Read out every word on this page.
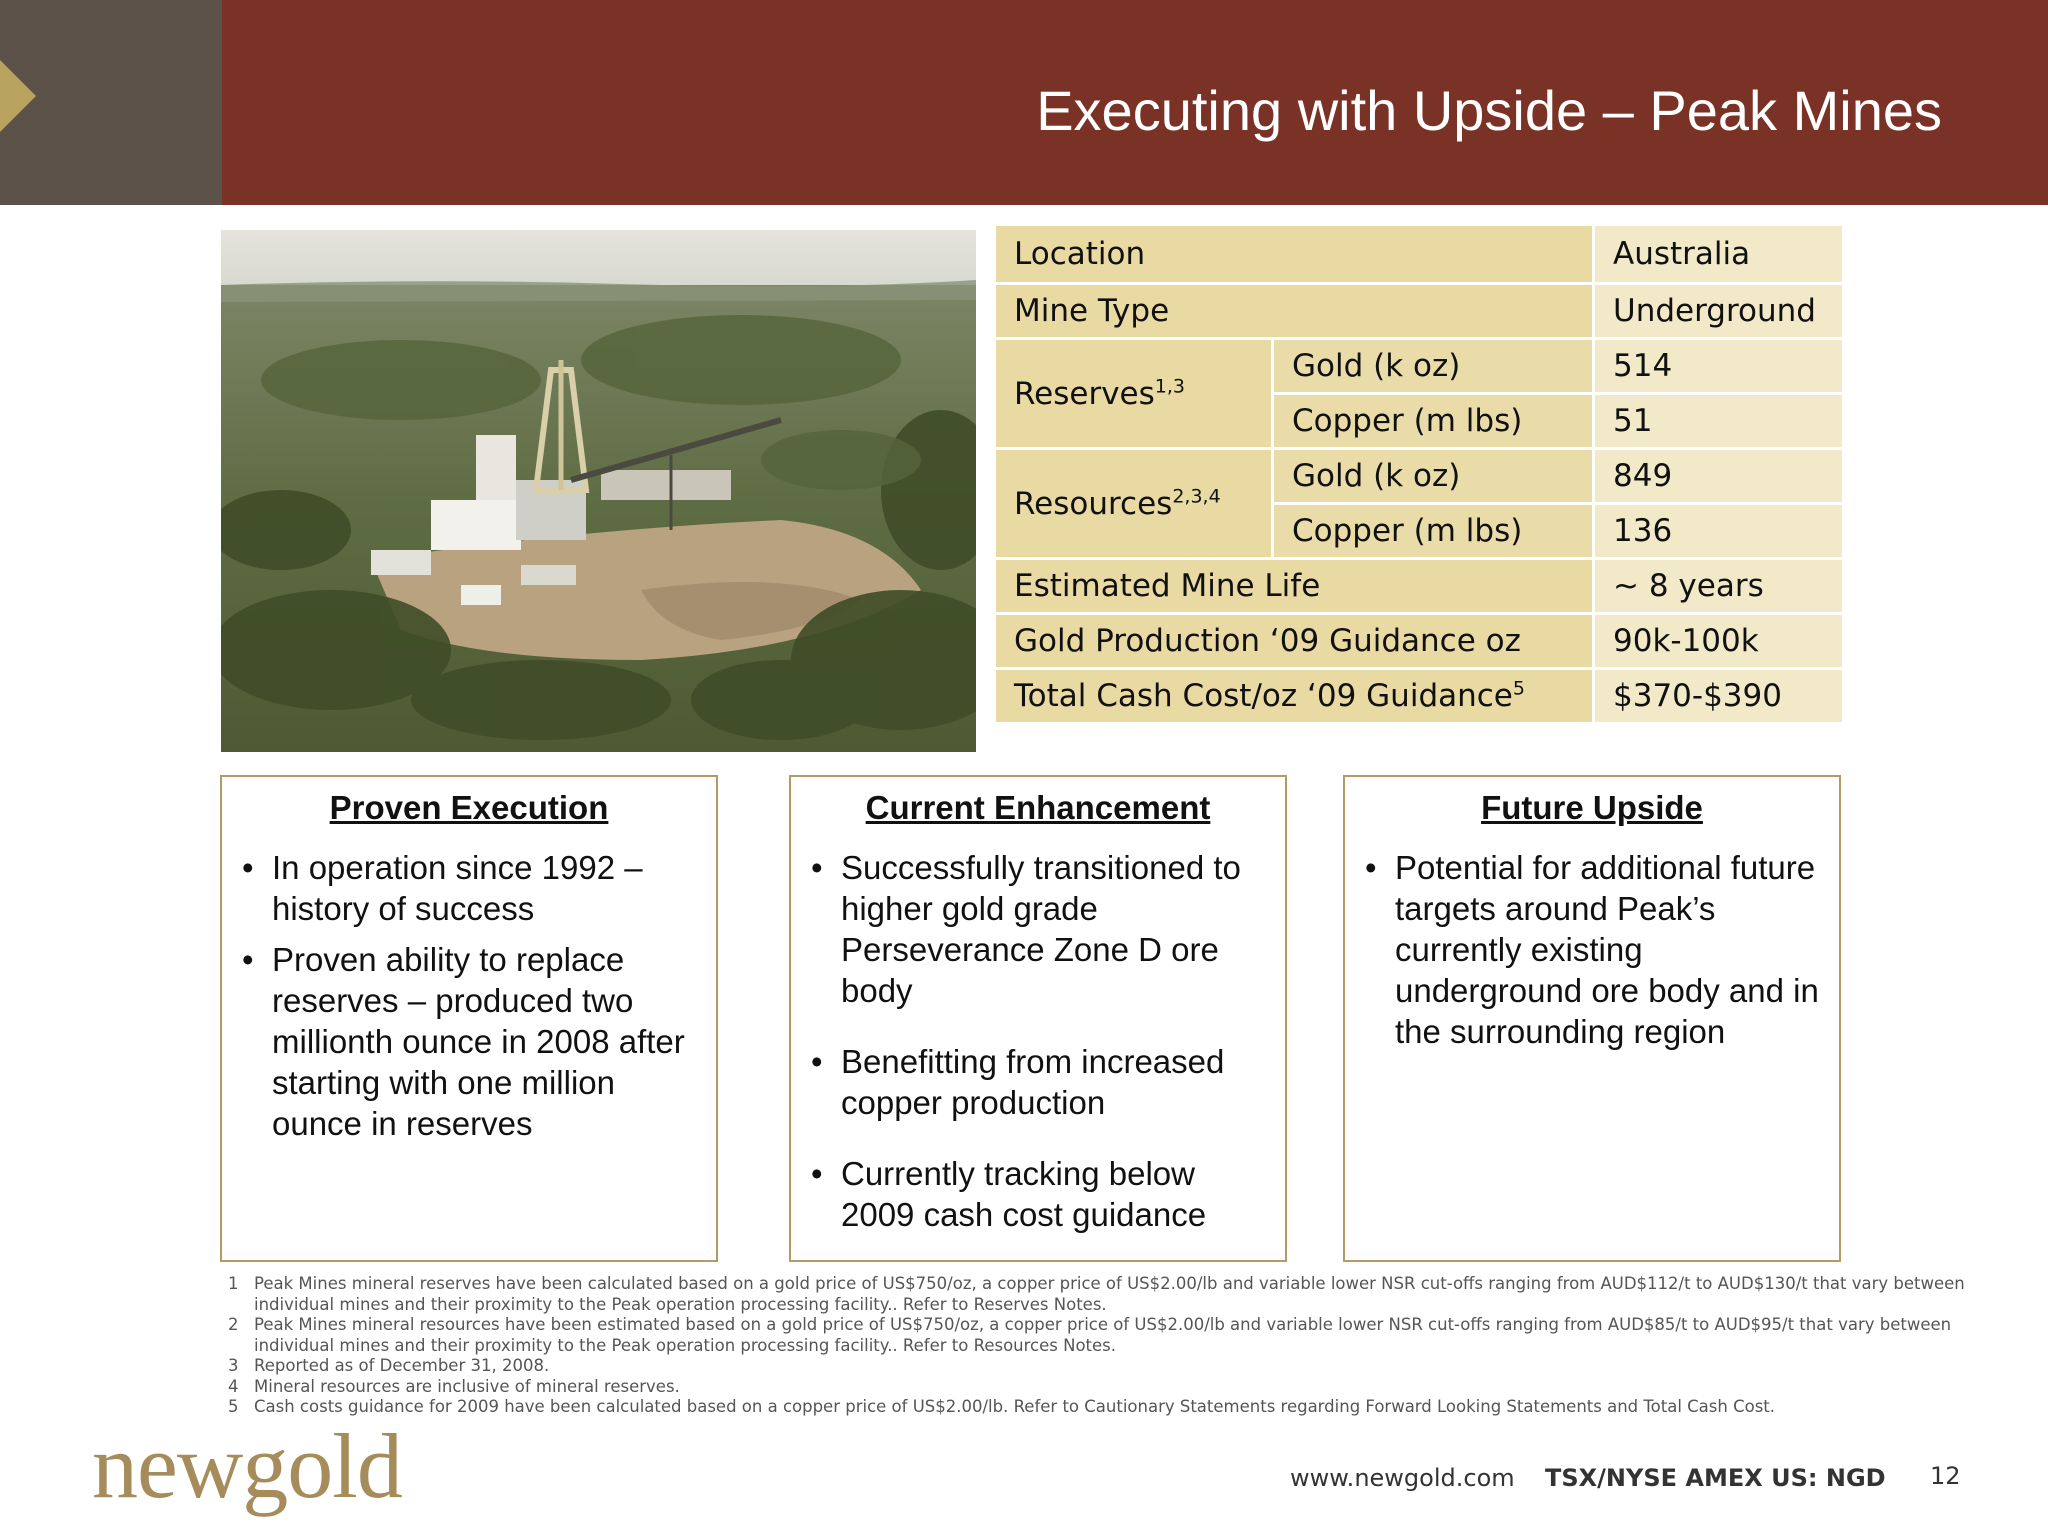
Executing with Upside – Peak Mines
Location		Australia
Mine Type		Underground
Reserves$^{1,3}$	Gold (k oz)	514
	Copper (m lbs)	51
Resources$^{2,3,4}$	Gold (k oz)	849
	Copper (m lbs)	136
Estimated Mine Life		~ 8 years
Gold Production ‘09 Guidance oz		90k-100k
Total Cash Cost/oz ‘09 Guidance$^5$		$370-$390
Proven Execution
• In operation since 1992 – history of success
• Proven ability to replace reserves – produced two millionth ounce in 2008 after starting with one million ounce in reserves
Current Enhancement
• Successfully transitioned to higher gold grade Perseverance Zone D ore body
• Benefitting from increased copper production
• Currently tracking below 2009 cash cost guidance
Future Upside
• Potential for additional future targets around Peak’s currently existing underground ore body and in the surrounding region
1 Peak Mines mineral reserves have been calculated based on a gold price of US$750/oz, a copper price of US$2.00/lb and variable lower NSR cut-offs ranging from AUD$112/t to AUD$130/t that vary between individual mines and their proximity to the Peak operation processing facility.. Refer to Reserves Notes.
2 Peak Mines mineral resources have been estimated based on a gold price of US$750/oz, a copper price of US$2.00/lb and variable lower NSR cut-offs ranging from AUD$85/t to AUD$95/t that vary between individual mines and their proximity to the Peak operation processing facility.. Refer to Resources Notes.
3 Reported as of December 31, 2008.
4 Mineral resources are inclusive of mineral reserves.
5 Cash costs guidance for 2009 have been calculated based on a copper price of US$2.00/lb. Refer to Cautionary Statements regarding Forward Looking Statements and Total Cash Cost.
newgold	www.newgold.com TSX/NYSE AMEX US: NGD 12
